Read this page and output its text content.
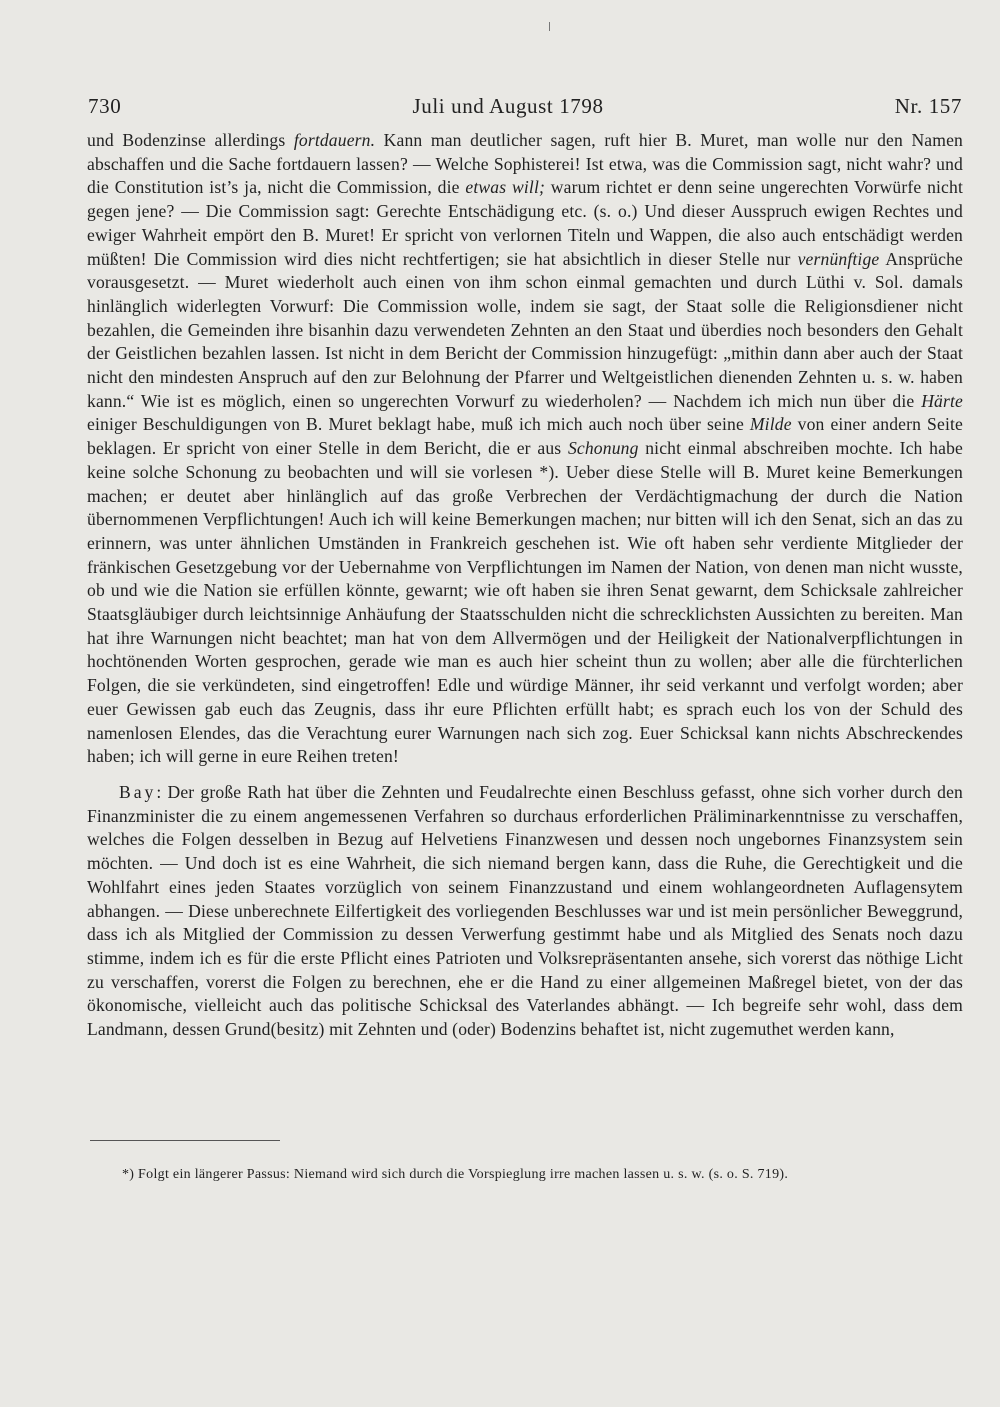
730	Juli und August 1798	Nr. 157

und Bodenzinse allerdings fortdauern. Kann man deutlicher sagen, ruft hier B. Muret, man wolle nur den Namen abschaffen und die Sache fortdauern lassen? — Welche Sophisterei! Ist etwa, was die Commission sagt, nicht wahr? und die Constitution ist’s ja, nicht die Commission, die etwas will; warum richtet er denn seine ungerechten Vorwürfe nicht gegen jene? — Die Commission sagt: Gerechte Entschädigung etc. (s. o.) Und dieser Ausspruch ewigen Rechtes und ewiger Wahrheit empört den B. Muret! Er spricht von verlornen Titeln und Wappen, die also auch entschädigt werden müßten! Die Commission wird dies nicht rechtfertigen; sie hat absichtlich in dieser Stelle nur vernünftige Ansprüche vorausgesetzt. — Muret wiederholt auch einen von ihm schon einmal gemachten und durch Lüthi v. Sol. damals hinlänglich widerlegten Vorwurf: Die Commission wolle, indem sie sagt, der Staat solle die Religionsdiener nicht bezahlen, die Gemeinden ihre bisanhin dazu verwendeten Zehnten an den Staat und überdies noch besonders den Gehalt der Geistlichen bezahlen lassen. Ist nicht in dem Bericht der Commission hinzugefügt: „mithin dann aber auch der Staat nicht den mindesten Anspruch auf den zur Belohnung der Pfarrer und Weltgeistlichen dienenden Zehnten u. s. w. haben kann.“ Wie ist es möglich, einen so ungerechten Vorwurf zu wiederholen? — Nachdem ich mich nun über die Härte einiger Beschuldigungen von B. Muret beklagt habe, muß ich mich auch noch über seine Milde von einer andern Seite beklagen. Er spricht von einer Stelle in dem Bericht, die er aus Schonung nicht einmal abschreiben mochte. Ich habe keine solche Schonung zu beobachten und will sie vorlesen *). Ueber diese Stelle will B. Muret keine Bemerkungen machen; er deutet aber hinlänglich auf das große Verbrechen der Verdächtigmachung der durch die Nation übernommenen Verpflichtungen! Auch ich will keine Bemerkungen machen; nur bitten will ich den Senat, sich an das zu erinnern, was unter ähnlichen Umständen in Frankreich geschehen ist. Wie oft haben sehr verdiente Mitglieder der fränkischen Gesetzgebung vor der Uebernahme von Verpflichtungen im Namen der Nation, von denen man nicht wusste, ob und wie die Nation sie erfüllen könnte, gewarnt; wie oft haben sie ihren Senat gewarnt, dem Schicksale zahlreicher Staatsgläubiger durch leichtsinnige Anhäufung der Staatsschulden nicht die schrecklichsten Aussichten zu bereiten. Man hat ihre Warnungen nicht beachtet; man hat von dem Allvermögen und der Heiligkeit der Nationalverpflichtungen in hochtönenden Worten gesprochen, gerade wie man es auch hier scheint thun zu wollen; aber alle die fürchterlichen Folgen, die sie verkündeten, sind eingetroffen! Edle und würdige Männer, ihr seid verkannt und verfolgt worden; aber euer Gewissen gab euch das Zeugnis, dass ihr eure Pflichten erfüllt habt; es sprach euch los von der Schuld des namenlosen Elendes, das die Verachtung eurer Warnungen nach sich zog. Euer Schicksal kann nichts Abschreckendes haben; ich will gerne in eure Reihen treten!

Bay: Der große Rath hat über die Zehnten und Feudalrechte einen Beschluss gefasst, ohne sich vorher durch den Finanzminister die zu einem angemessenen Verfahren so durchaus erforderlichen Präliminarkenntnisse zu verschaffen, welches die Folgen desselben in Bezug auf Helvetiens Finanzwesen und dessen noch ungebornes Finanzsystem sein möchten. — Und doch ist es eine Wahrheit, die sich niemand bergen kann, dass die Ruhe, die Gerechtigkeit und die Wohlfahrt eines jeden Staates vorzüglich von seinem Finanzzustand und einem wohlangeordneten Auflagensytem abhangen. — Diese unberechnete Eilfertigkeit des vorliegenden Beschlusses war und ist mein persönlicher Beweggrund, dass ich als Mitglied der Commission zu dessen Verwerfung gestimmt habe und als Mitglied des Senats noch dazu stimme, indem ich es für die erste Pflicht eines Patrioten und Volksrepräsentanten ansehe, sich vorerst das nöthige Licht zu verschaffen, vorerst die Folgen zu berechnen, ehe er die Hand zu einer allgemeinen Maßregel bietet, von der das ökonomische, vielleicht auch das politische Schicksal des Vaterlandes abhängt. — Ich begreife sehr wohl, dass dem Landmann, dessen Grund(besitz) mit Zehnten und (oder) Bodenzins behaftet ist, nicht zugemuthet werden kann,

*) Folgt ein längerer Passus: Niemand wird sich durch die Vorspieglung irre machen lassen u. s. w. (s. o. S. 719).
